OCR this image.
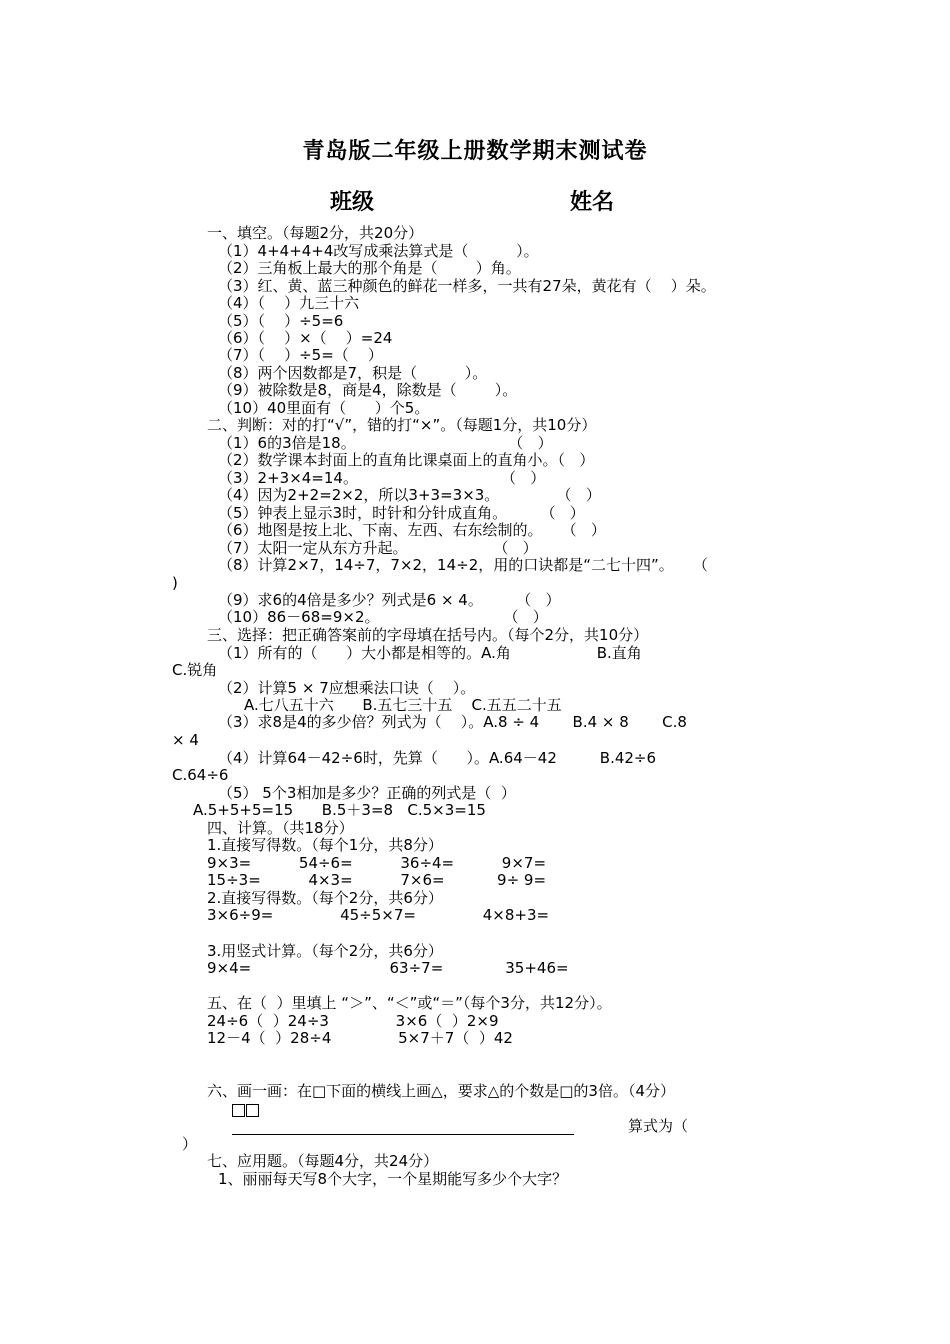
青岛版二年级上册数学期末测试卷
班级	姓名
一、填空。（每题2分，共20分）
（1）4+4+4+4改写成乘法算式是（          ）。
（2）三角板上最大的那个角是（        ）角。
（3）红、黄、蓝三种颜色的鲜花一样多，一共有27朵，黄花有（    ）朵。
（4）（    ）九三十六
（5）（    ）÷5=6
（6）（    ）×（    ）=24
（7）（    ）÷5=（    ）
（8）两个因数都是7，积是（          ）。
（9）被除数是8，商是4，除数是（        ）。
（10）40里面有（      ）个5。
二、判断：对的打“√”，错的打“×”。（每题1分，共10分）
（1）6的3倍是18。                                （   ）
（2）数学课本封面上的直角比课桌面上的直角小。（   ）
（3）2+3×4=14。                              （   ）
（4）因为2+2=2×2，所以3+3=3×3。            （   ）
（5）钟表上显示3时，时针和分针成直角。       （   ）
（6）地图是按上北、下南、左西、右东绘制的。    （   ）
（7）太阳一定从东方升起。                  （   ）
（8）计算2×7，14÷7，7×2，14÷2，用的口诀都是“二七十四”。    （
)
（9）求6的4倍是多少？列式是6 × 4。       （   ）
（10）86－68=9×2。                          （   ）
三、选择：把正确答案前的字母填在括号内。（每个2分，共10分）
（1）所有的（      ）大小都是相等的。A.角                  B.直角
C.锐角
（2）计算5 × 7应想乘法口诀（    ）。
A.七八五十六      B.五七三十五    C.五五二十五
（3）求8是4的多少倍？列式为（    ）。A.8 ÷ 4       B.4 × 8       C.8
× 4
（4）计算64－42÷6时，先算（      ）。A.64－42         B.42÷6
C.64÷6
（5） 5个3相加是多少？正确的列式是（  ）
A.5+5+5=15      B.5＋3=8   C.5×3=15
四、计算。（共18分）
1.直接写得数。（每个1分，共8分）
9×3=          54÷6=          36÷4=          9×7=
15÷3=          4×3=          7×6=           9÷ 9=
2.直接写得数。（每个2分，共6分）
3×6÷9=              45÷5×7=              4×8+3=
3.用竖式计算。（每个2分，共6分）
9×4=                             63÷7=             35+46=
五、在（  ）里填上 “＞”、“＜”或“＝”（每个3分，共12分）。
24÷6（  ）24÷3              3×6（  ）2×9
12－4（  ）28÷4              5×7＋7（  ）42
六、画一画：在□下面的横线上画△，要求△的个数是□的3倍。（4分）
算式为（
）
七、应用题。（每题4分，共24分）
1、丽丽每天写8个大字，一个星期能写多少个大字？
